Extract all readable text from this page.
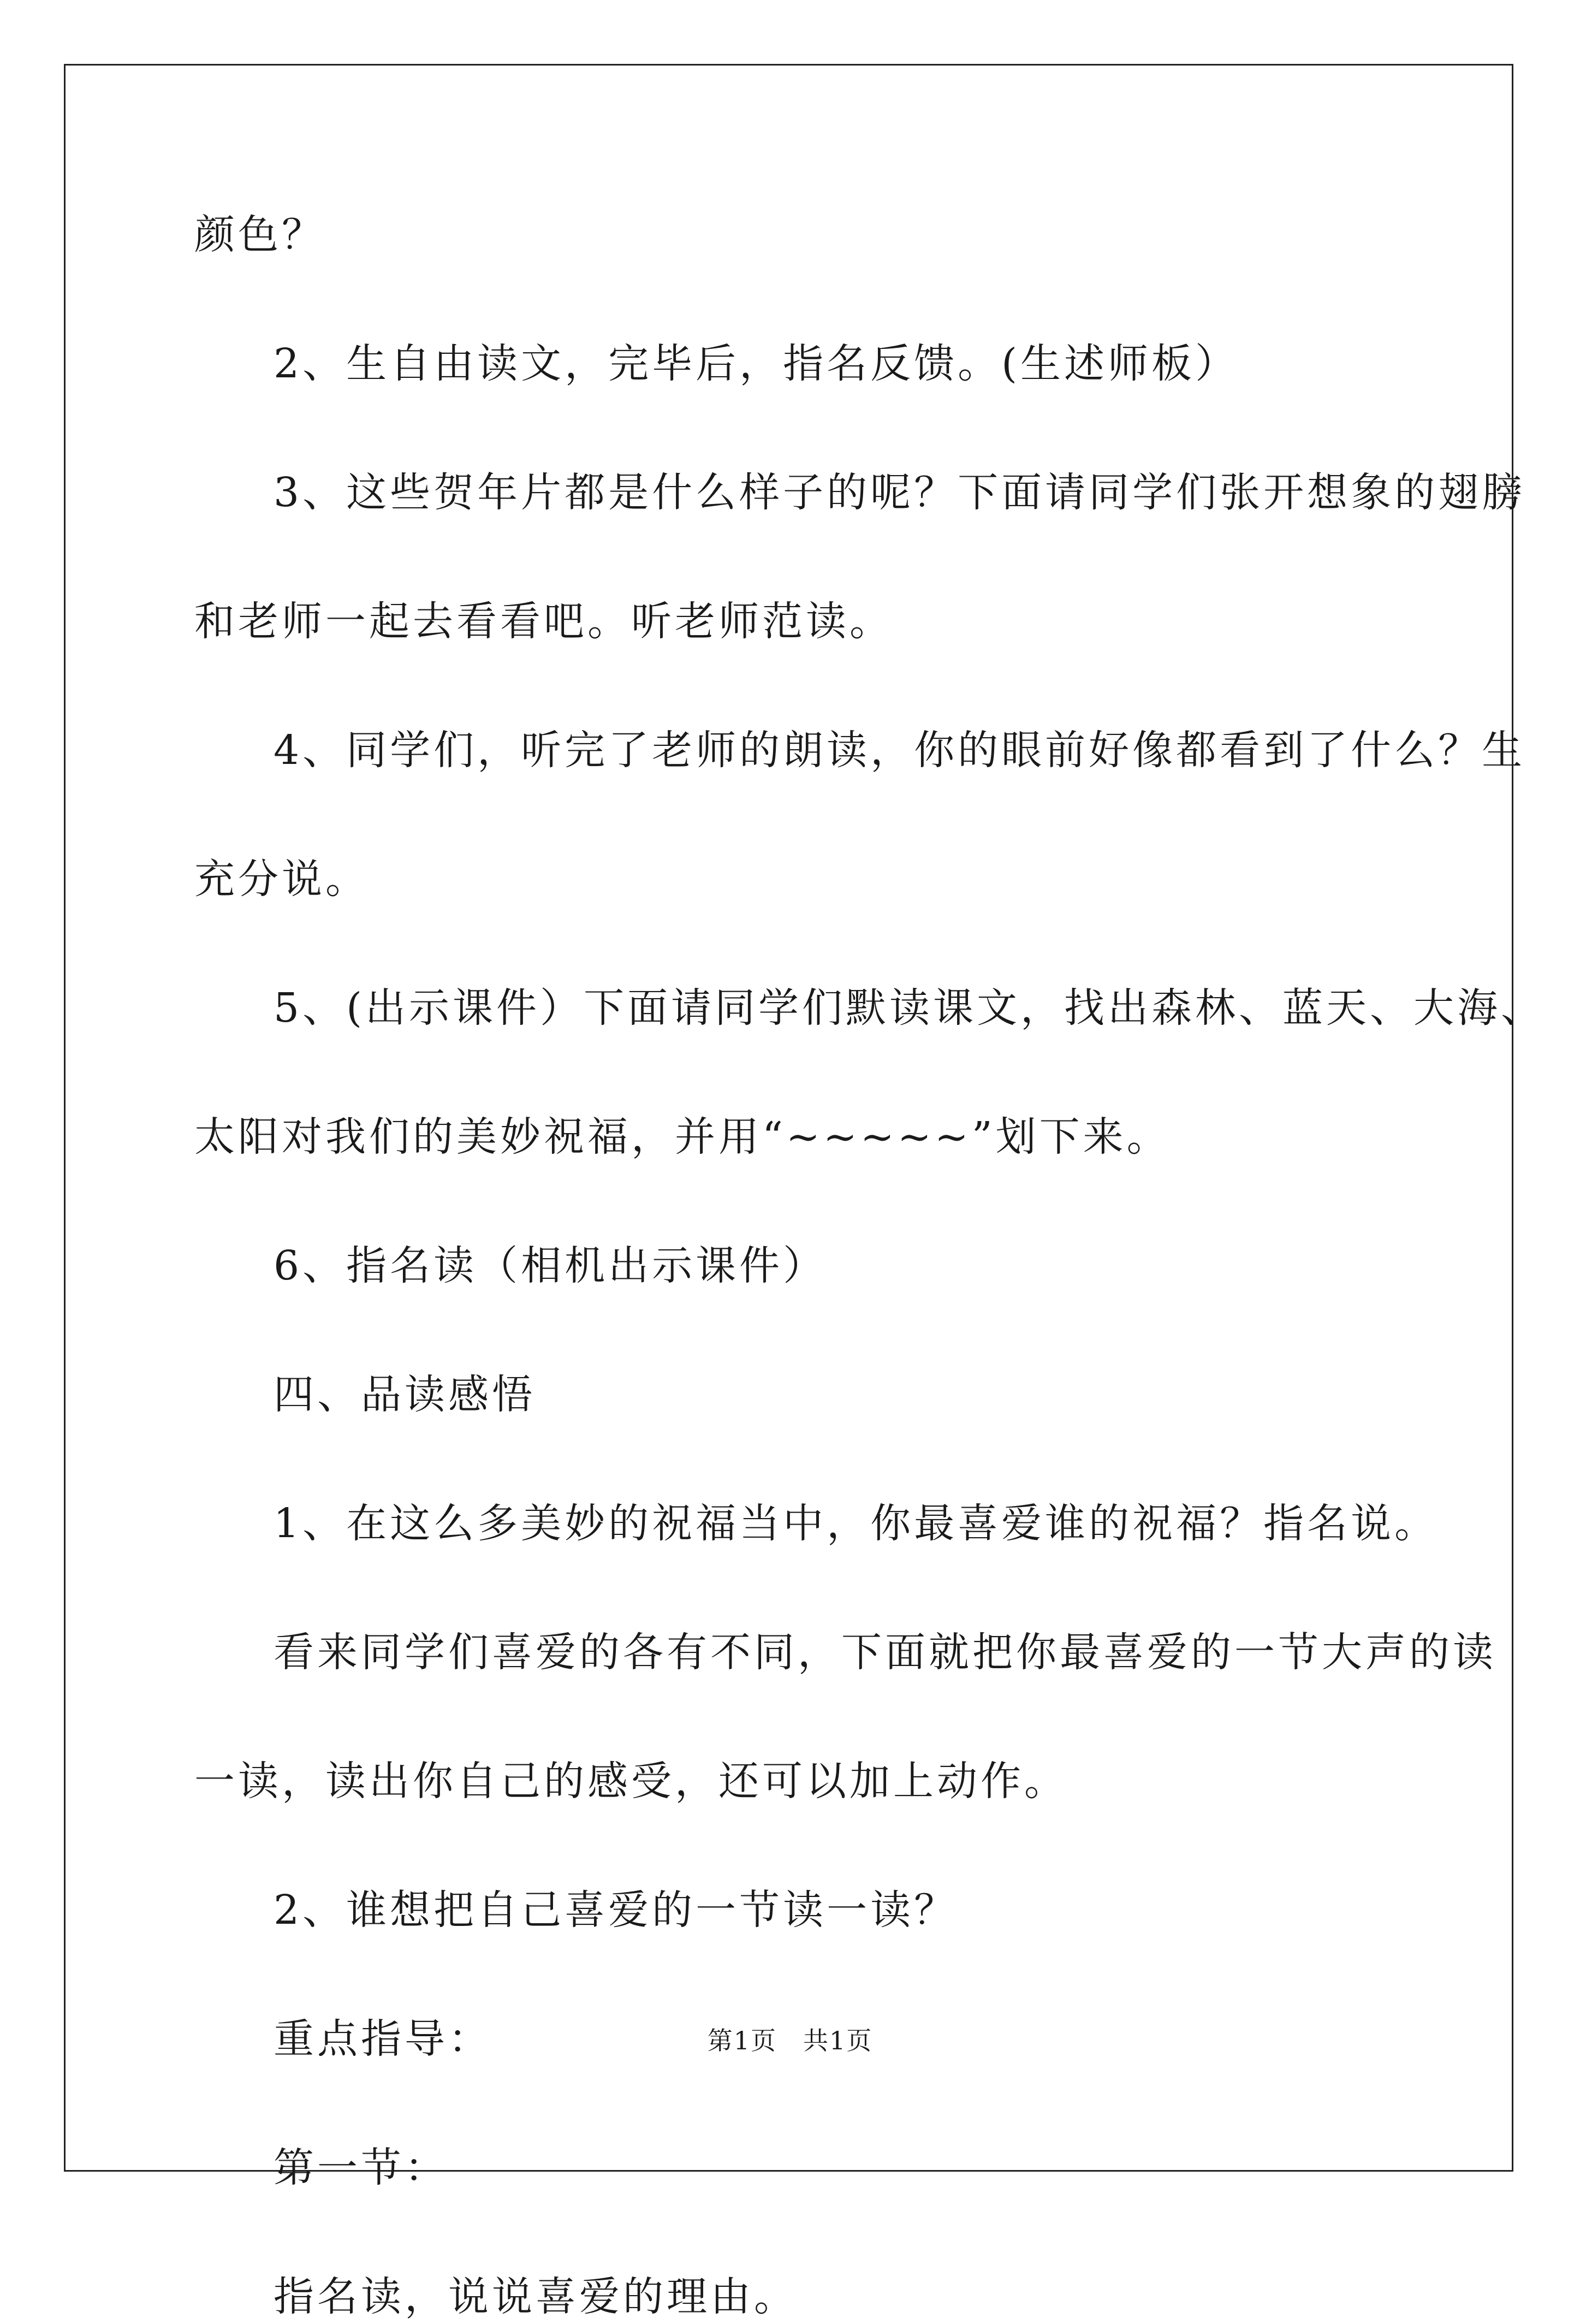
颜色？
2、生自由读文，完毕后，指名反馈。(生述师板）
3、这些贺年片都是什么样子的呢？下面请同学们张开想象的翅膀
和老师一起去看看吧。听老师范读。
4、同学们，听完了老师的朗读，你的眼前好像都看到了什么？生
充分说。
5、(出示课件）下面请同学们默读课文，找出森林、蓝天、大海、
太阳对我们的美妙祝福，并用“~~~~~”划下来。
6、指名读（相机出示课件）
四、品读感悟
1、在这么多美妙的祝福当中，你最喜爱谁的祝福？指名说。
看来同学们喜爱的各有不同，下面就把你最喜爱的一节大声的读
一读，读出你自己的感受，还可以加上动作。
2、谁想把自己喜爱的一节读一读？
重点指导：
第一节：
指名读，说说喜爱的理由。
第1页　共1页
